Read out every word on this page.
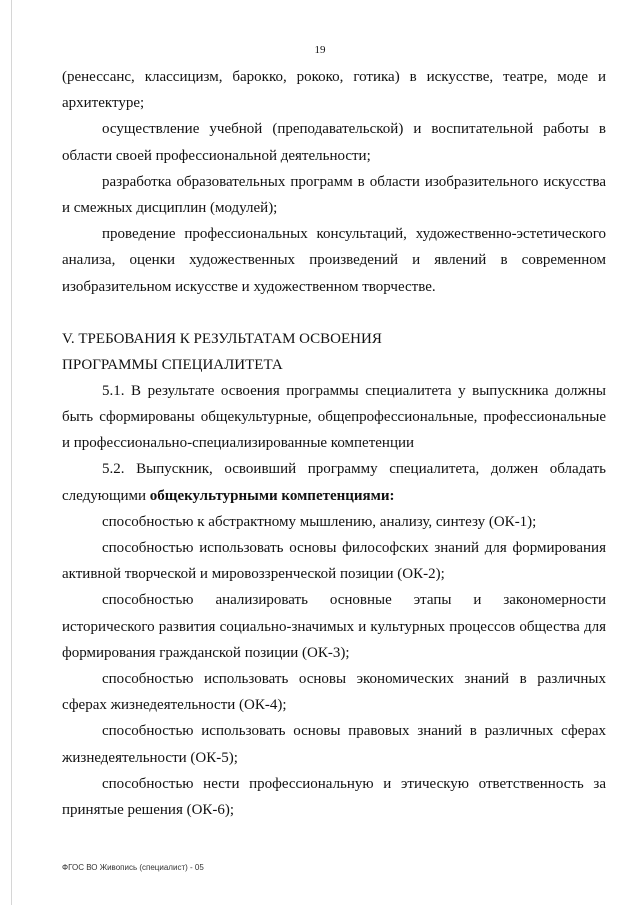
19

(ренессанс, классицизм, барокко, рококо, готика) в искусстве, театре, моде и архитектуре;

осуществление учебной (преподавательской) и воспитательной работы в области своей профессиональной деятельности;

разработка образовательных программ в области изобразительного искусства и смежных дисциплин (модулей);

проведение профессиональных консультаций, художественно-эстетического анализа, оценки художественных произведений и явлений в современном изобразительном искусстве и художественном творчестве.

V. ТРЕБОВАНИЯ К РЕЗУЛЬТАТАМ ОСВОЕНИЯ

ПРОГРАММЫ СПЕЦИАЛИТЕТА

5.1. В результате освоения программы специалитета у выпускника должны быть сформированы общекультурные, общепрофессиональные, профессиональные и профессионально-специализированные компетенции

5.2. Выпускник, освоивший программу специалитета, должен обладать следующими общекультурными компетенциями:

способностью к абстрактному мышлению, анализу, синтезу (ОК-1);

способностью использовать основы философских знаний для формирования активной творческой и мировоззренческой позиции (ОК-2);

способностью анализировать основные этапы и закономерности исторического развития социально-значимых и культурных процессов общества для формирования гражданской позиции (ОК-3);

способностью использовать основы экономических знаний в различных сферах жизнедеятельности (ОК-4);

способностью использовать основы правовых знаний в различных сферах жизнедеятельности (ОК-5);

способностью нести профессиональную и этическую ответственность за принятые решения (ОК-6);

ФГОС ВО Живопись (специалист) - 05
